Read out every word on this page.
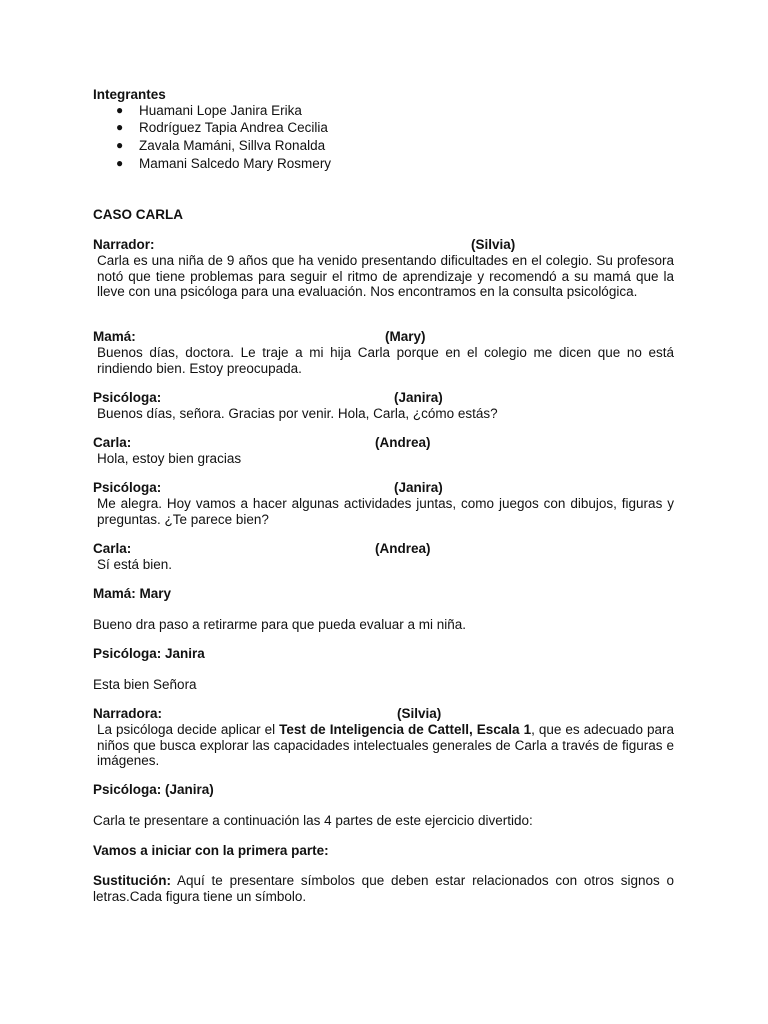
Integrantes
● Huamani Lope Janira Erika
● Rodríguez Tapia Andrea Cecilia
● Zavala Mamáni, Sillva Ronalda
● Mamani Salcedo Mary Rosmery
CASO CARLA
Narrador:	(Silvia)
Carla es una niña de 9 años que ha venido presentando dificultades en el colegio. Su profesora notó que tiene problemas para seguir el ritmo de aprendizaje y recomendó a su mamá que la lleve con una psicóloga para una evaluación. Nos encontramos en la consulta psicológica.
Mamá:	(Mary)
Buenos días, doctora. Le traje a mi hija Carla porque en el colegio me dicen que no está rindiendo bien. Estoy preocupada.
Psicóloga:	(Janira)
Buenos días, señora. Gracias por venir. Hola, Carla, ¿cómo estás?
Carla:	(Andrea)
Hola, estoy bien gracias
Psicóloga:	(Janira)
Me alegra. Hoy vamos a hacer algunas actividades juntas, como juegos con dibujos, figuras y preguntas. ¿Te parece bien?
Carla:	(Andrea)
Sí está bien.
Mamá: Mary
Bueno dra paso a retirarme para que pueda evaluar a mi niña.
Psicóloga: Janira
Esta bien Señora
Narradora:	(Silvia)
La psicóloga decide aplicar el Test de Inteligencia de Cattell, Escala 1, que es adecuado para niños que busca explorar las capacidades intelectuales generales de Carla a través de figuras e imágenes.
Psicóloga: (Janira)
Carla te presentare a continuación las 4 partes de este ejercicio divertido:
Vamos a iniciar con la primera parte:
Sustitución: Aquí te presentare símbolos que deben estar relacionados con otros signos o letras.Cada figura tiene un símbolo.
